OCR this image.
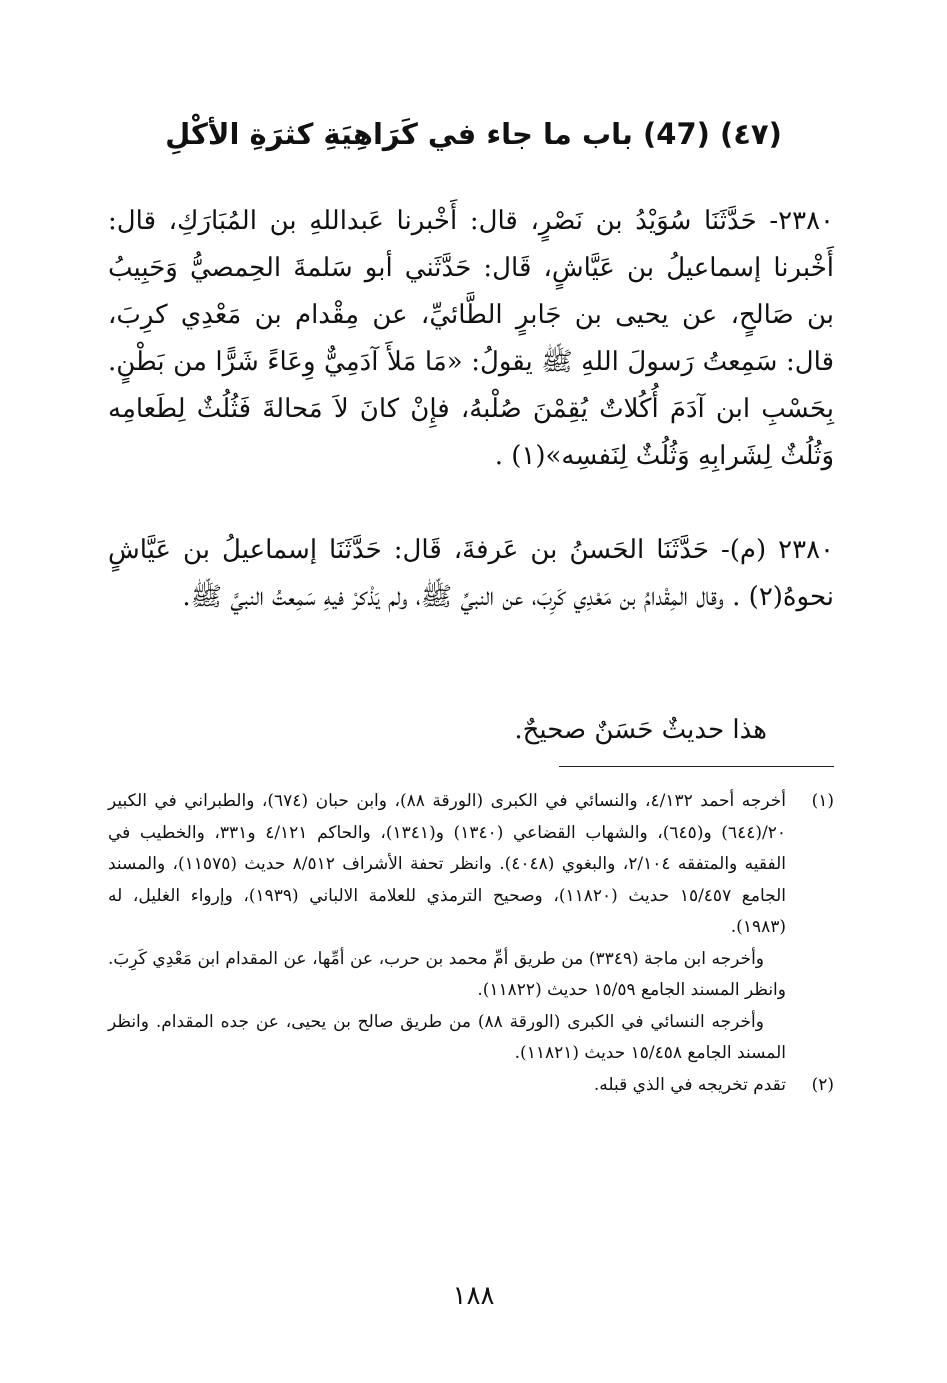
(٤٧) (47) باب ما جاء في كَرَاهِيَةِ كثرَةِ الأكْلِ

٢٣٨٠- حَدَّثَنَا سُوَيْدُ بن نَصْرٍ، قال: أَخْبرنا عَبداللهِ بن المُبَارَكِ، قال: أَخْبرنا إسماعيلُ بن عَيَّاشٍ، قَال: حَدَّثَني أبو سَلمةَ الحِمصيُّ وَحَبِيبُ بن صَالحٍ، عن يحيى بن جَابرٍ الطَّائيِّ، عن مِقْدام بن مَعْدِي كرِبَ، قال: سَمِعتُ رَسولَ اللهِ ﷺ يقولُ: «مَا مَلأَ آدَمِيٌّ وِعَاءً شَرًّا من بَطْنٍ. بِحَسْبِ ابن آدَمَ أُكُلاتٌ يُقِمْنَ صُلْبهُ، فإِنْ كانَ لاَ مَحالةَ فَثُلُثٌ لِطَعامِه وَثُلُثٌ لِشَرابِهِ وَثُلُثٌ لِنَفسِه»(١) .

٢٣٨٠ (م)- حَدَّثَنَا الحَسنُ بن عَرفةَ، قَال: حَدَّثَنَا إسماعيلُ بن عَيَّاشٍ نحوهُ(٢) . وقال المِقْدامُ بن مَعْدِي كَرِبَ، عن النبيِّ ﷺ، ولم يَذْكرْ فيهِ سَمِعتُ النبيَّ ﷺ.

هذا حديثٌ حَسَنٌ صحيحٌ.
(١)

أخرجه أحمد ٤/١٣٢، والنسائي في الكبرى (الورقة ٨٨)، وابن حبان (٦٧٤)، والطبراني في الكبير ٢٠/(٦٤٤) و(٦٤٥)، والشهاب القضاعي (١٣٤٠) و(١٣٤١)، والحاكم ٤/١٢١ و٣٣١، والخطيب في الفقيه والمتفقه ٢/١٠٤، والبغوي (٤٠٤٨). وانظر تحفة الأشراف ٨/٥١٢ حديث (١١٥٧٥)، والمسند الجامع ١٥/٤٥٧ حديث (١١٨٢٠)، وصحيح الترمذي للعلامة الالباني (١٩٣٩)، وإرواء الغليل، له (١٩٨٣).

وأخرجه ابن ماجة (٣٣٤٩) من طريق أمِّ محمد بن حرب، عن أمِّها، عن المقدام ابن مَعْدِي كَرِبَ. وانظر المسند الجامع ١٥/٥٩ حديث (١١٨٢٢).

وأخرجه النسائي في الكبرى (الورقة ٨٨) من طريق صالح بن يحيى، عن جده المقدام. وانظر المسند الجامع ١٥/٤٥٨ حديث (١١٨٢١).

(٢)

تقدم تخريجه في الذي قبله.

١٨٨
